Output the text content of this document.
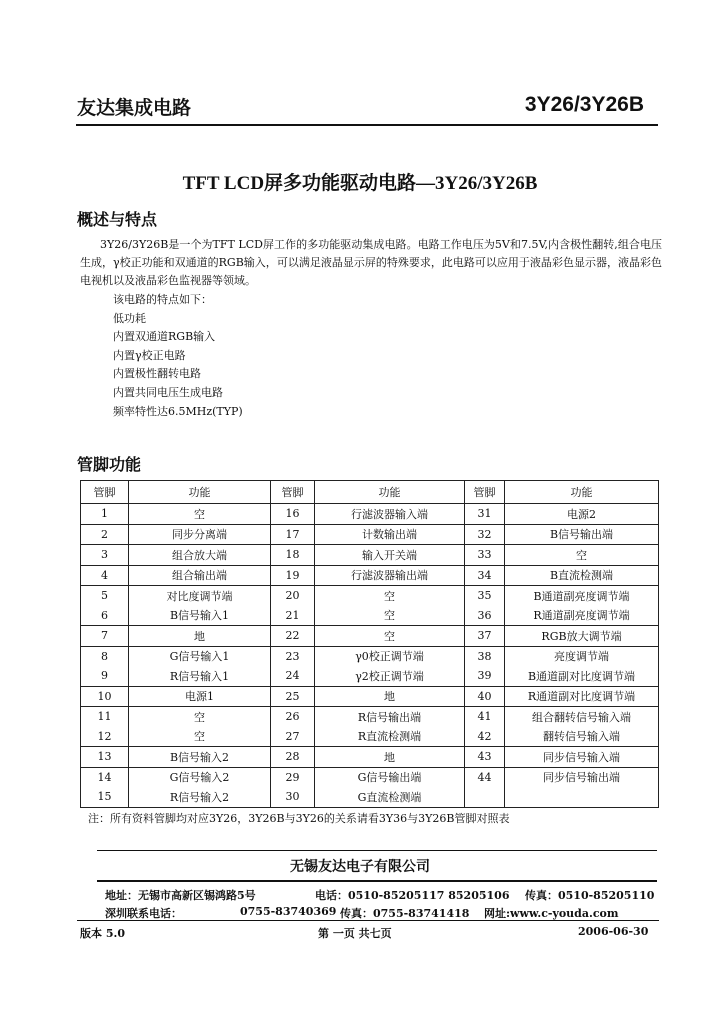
友达集成电路	3Y26/3Y26B
TFT LCD屏多功能驱动电路—3Y26/3Y26B
概述与特点
3Y26/3Y26B是一个为TFT LCD屏工作的多功能驱动集成电路。电路工作电压为5V和7.5V,内含极性翻转,组合电压生成，γ校正功能和双通道的RGB输入，可以满足液晶显示屏的特殊要求，此电路可以应用于液晶彩色显示器，液晶彩色电视机以及液晶彩色监视器等领域。
该电路的特点如下：
低功耗
内置双通道RGB输入
内置γ校正电路
内置极性翻转电路
内置共同电压生成电路
频率特性达6.5MHz(TYP)
管脚功能
管脚	功能	管脚	功能	管脚	功能
1	空	16	行滤波器输入端	31	电源2
2	同步分离端	17	计数输出端	32	B信号输出端
3	组合放大端	18	输入开关端	33	空
4	组合输出端	19	行滤波器输出端	34	B直流检测端
5	对比度调节端	20	空	35	B通道副亮度调节端
6	B信号输入1	21	空	36	R通道副亮度调节端
7	地	22	空	37	RGB放大调节端
8	G信号输入1	23	γ0校正调节端	38	亮度调节端
9	R信号输入1	24	γ2校正调节端	39	B通道副对比度调节端
10	电源1	25	地	40	R通道副对比度调节端
11	空	26	R信号输出端	41	组合翻转信号输入端
12	空	27	R直流检测端	42	翻转信号输入端
13	B信号输入2	28	地	43	同步信号输入端
14	G信号输入2	29	G信号输出端	44	同步信号输出端
15	R信号输入2	30	G直流检测端		
注：所有资料管脚均对应3Y26，3Y26B与3Y26的关系请看3Y36与3Y26B管脚对照表
无锡友达电子有限公司
地址：无锡市高新区锡鸿路5号	电话：0510-85205117 85205106 传真：0510-85205110
深圳联系电话：	0755-83740369 传真：0755-83741418 网址:www.c-youda.com
版本 5.0	第 一页 共七页	2006-06-30
